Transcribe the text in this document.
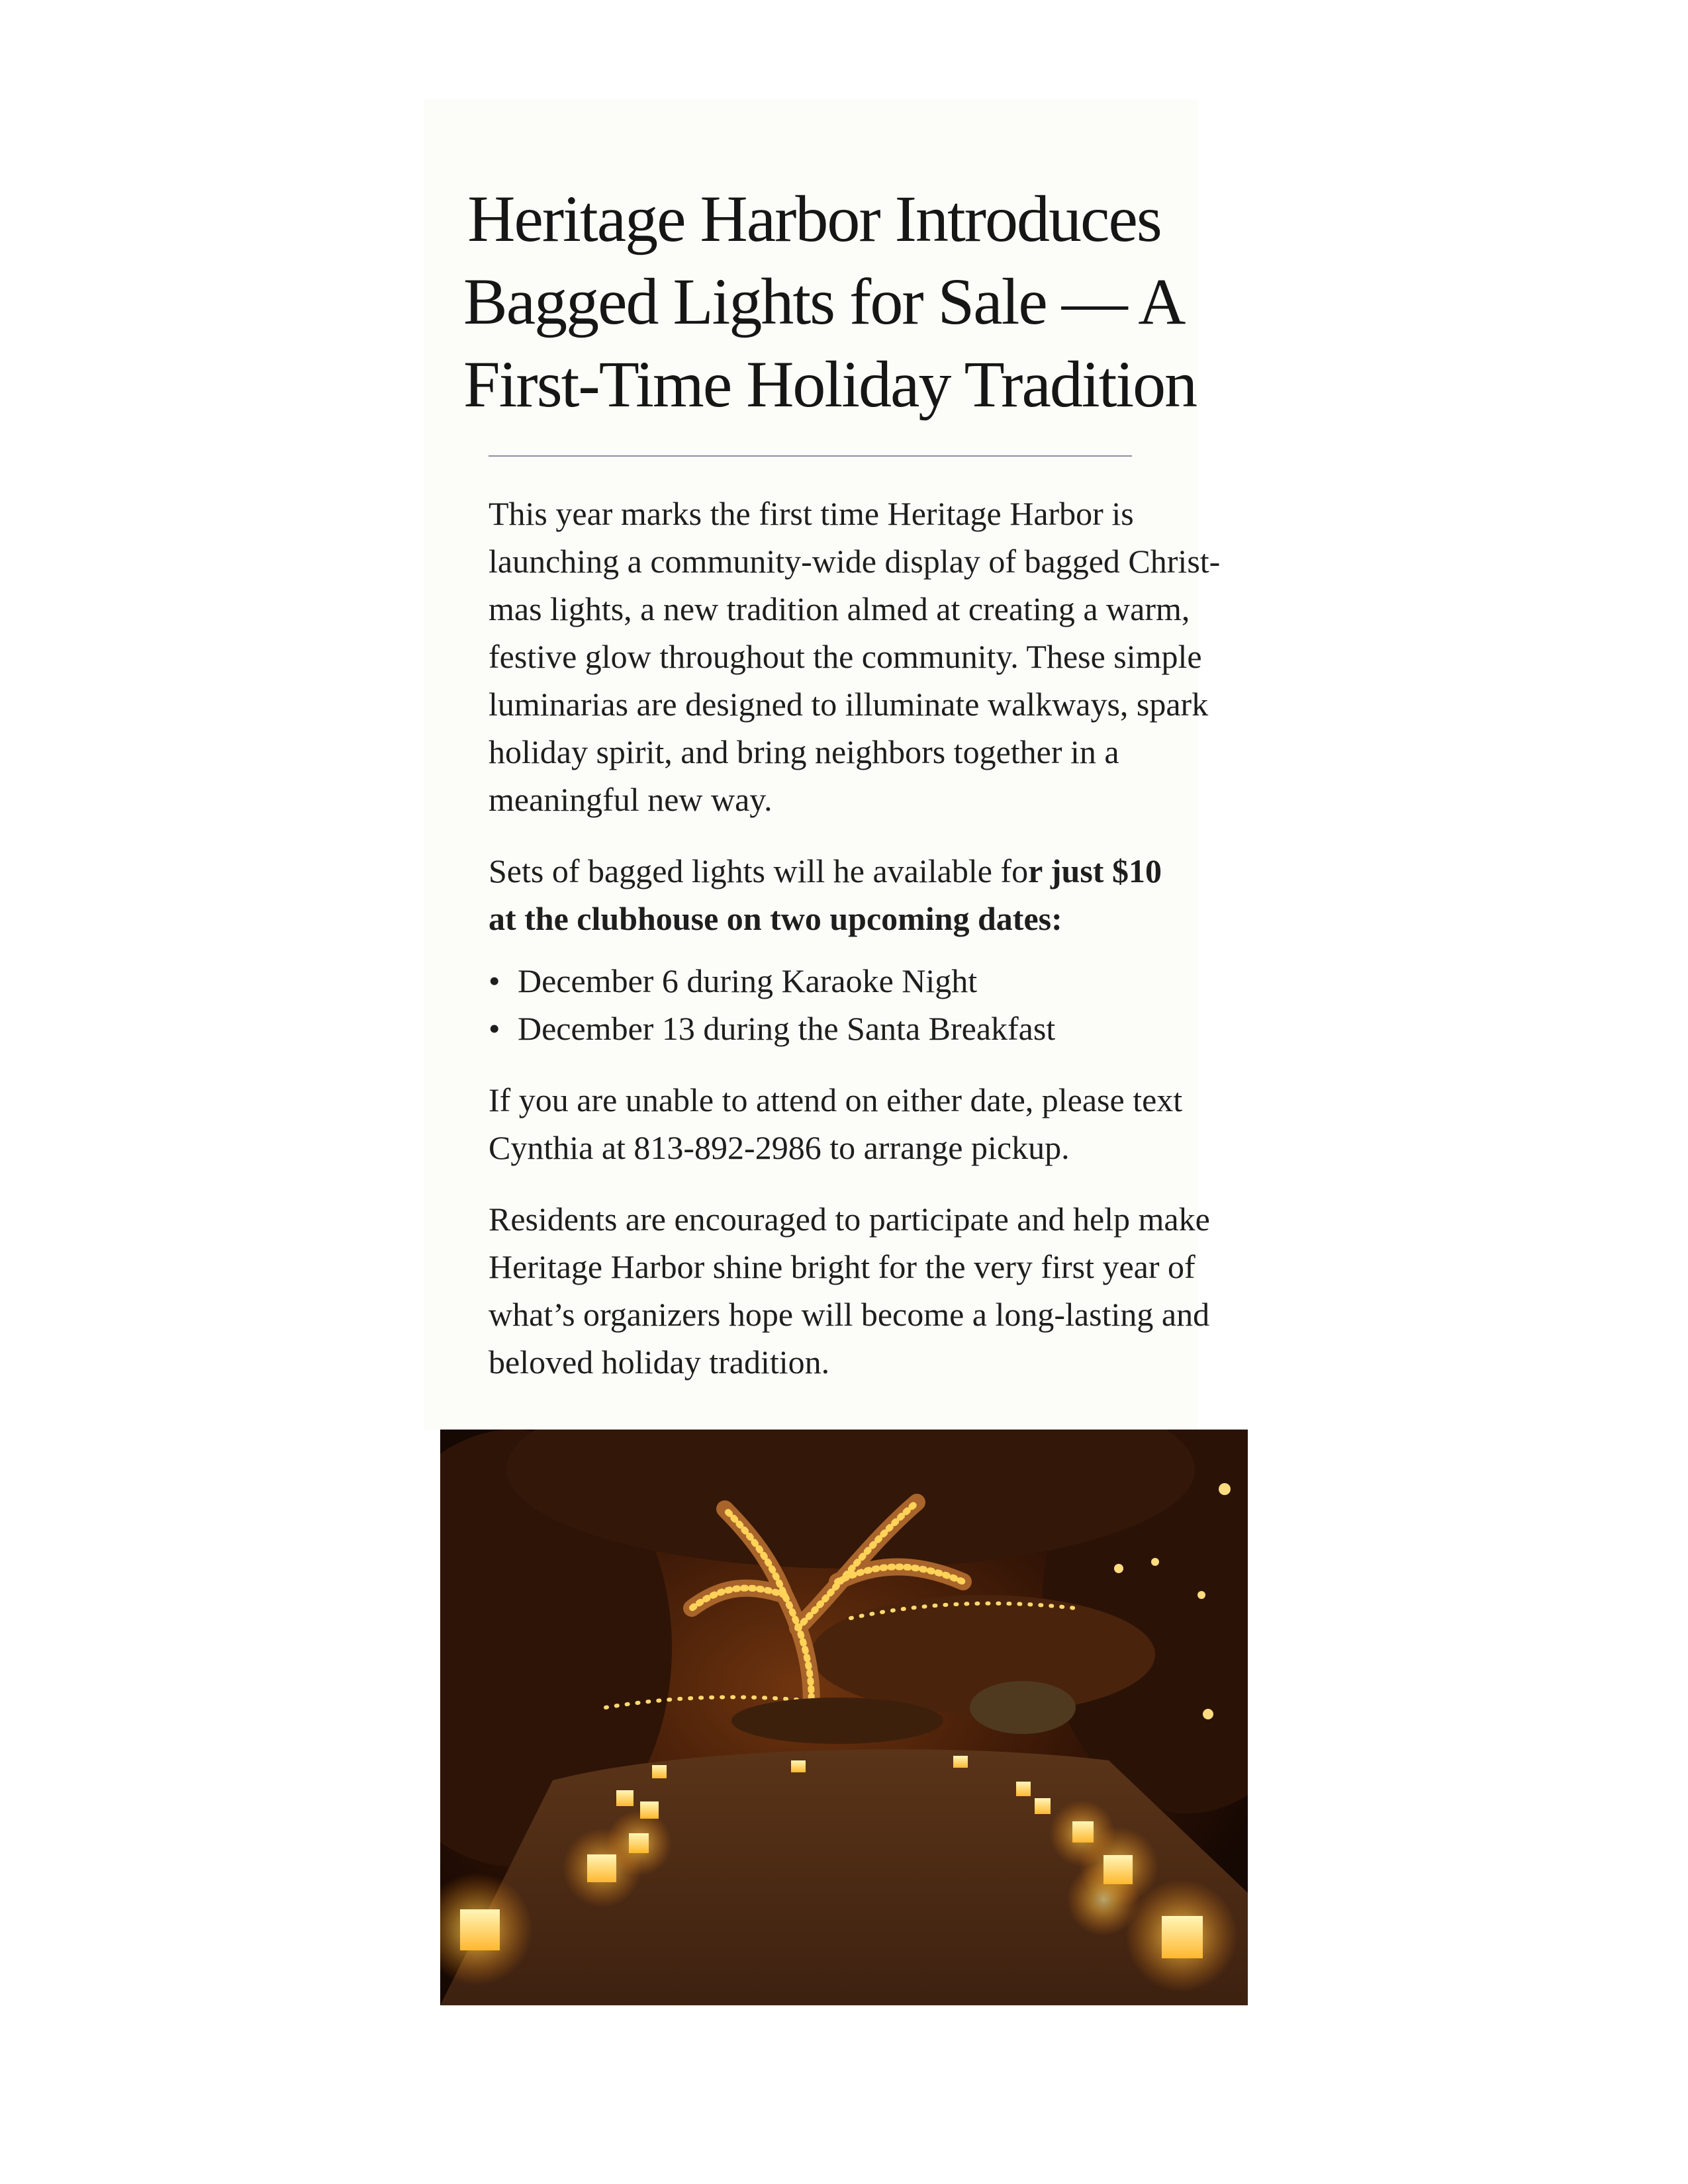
Heritage Harbor Introduces
Bagged Lights for Sale — A
First-Time Holiday Tradition

This year marks the first time Heritage Harbor is
launching a community-wide display of bagged Christ-
mas lights, a new tradition almed at creating a warm,
festive glow throughout the community. These simple
luminarias are designed to illuminate walkways, spark
holiday spirit, and bring neighbors together in a
meaningful new way.

Sets of bagged lights will he available for just $10
at the clubhouse on two upcoming dates:

• December 6 during Karaoke Night
• December 13 during the Santa Breakfast

If you are unable to attend on either date, please text
Cynthia at 813-892-2986 to arrange pickup.

Residents are encouraged to participate and help make
Heritage Harbor shine bright for the very first year of
what’s organizers hope will become a long-lasting and
beloved holiday tradition.
